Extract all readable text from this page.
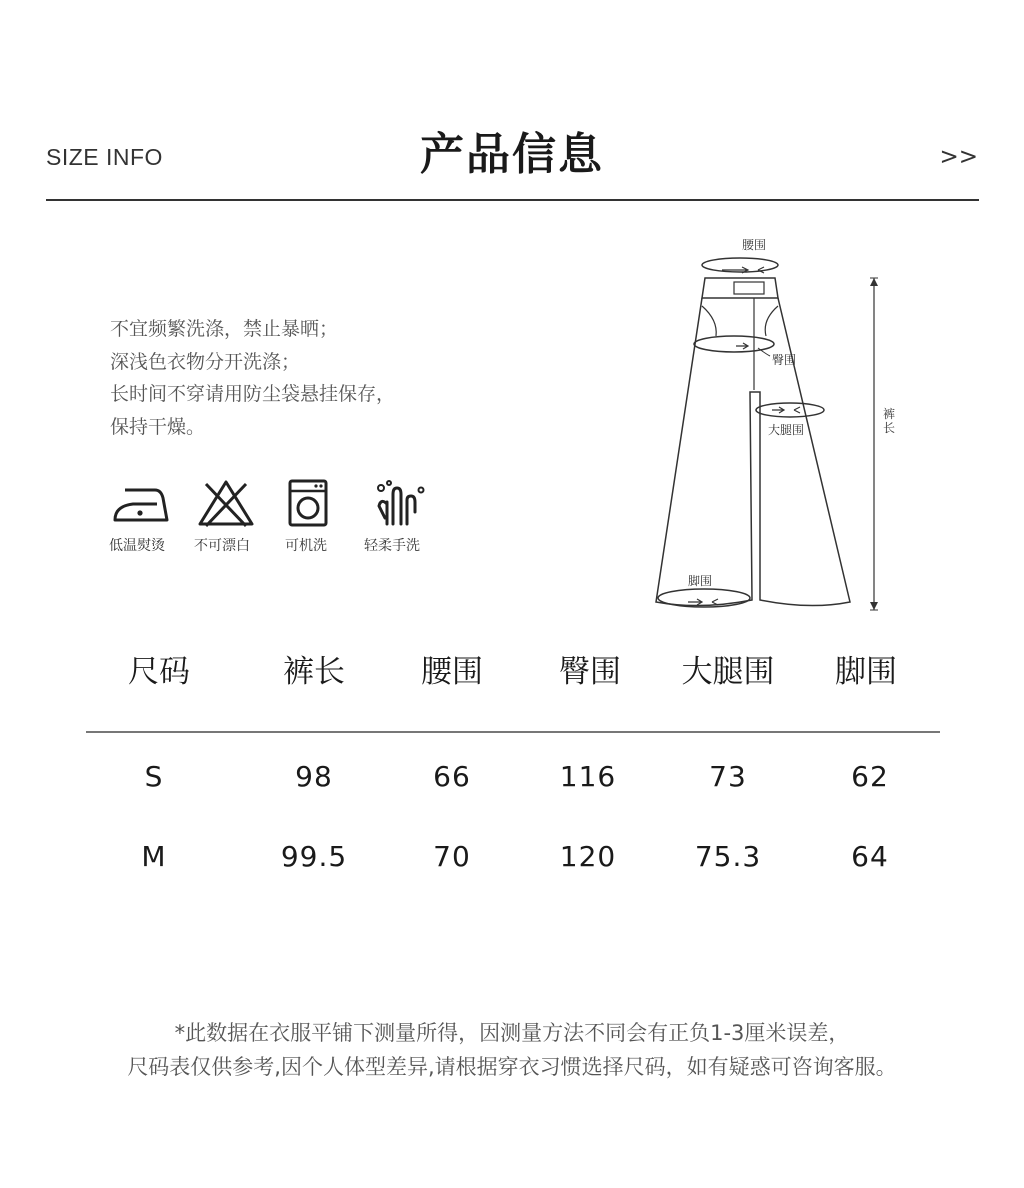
SIZE INFO	产品信息	>>
不宜频繁洗涤，禁止暴晒；
深浅色衣物分开洗涤；
长时间不穿请用防尘袋悬挂保存，
保持干燥。
低温熨烫 不可漂白	可机洗	轻柔手洗
腰围
臀围
大腿围
脚围
裤长
尺码	裤长	腰围	臀围	大腿围	脚围
S	98	66	116	73	62
M	99.5	70	120	75.3	64
*此数据在衣服平铺下测量所得，因测量方法不同会有正负1-3厘米误差，
尺码表仅供参考,因个人体型差异,请根据穿衣习惯选择尺码，如有疑惑可咨询客服。
